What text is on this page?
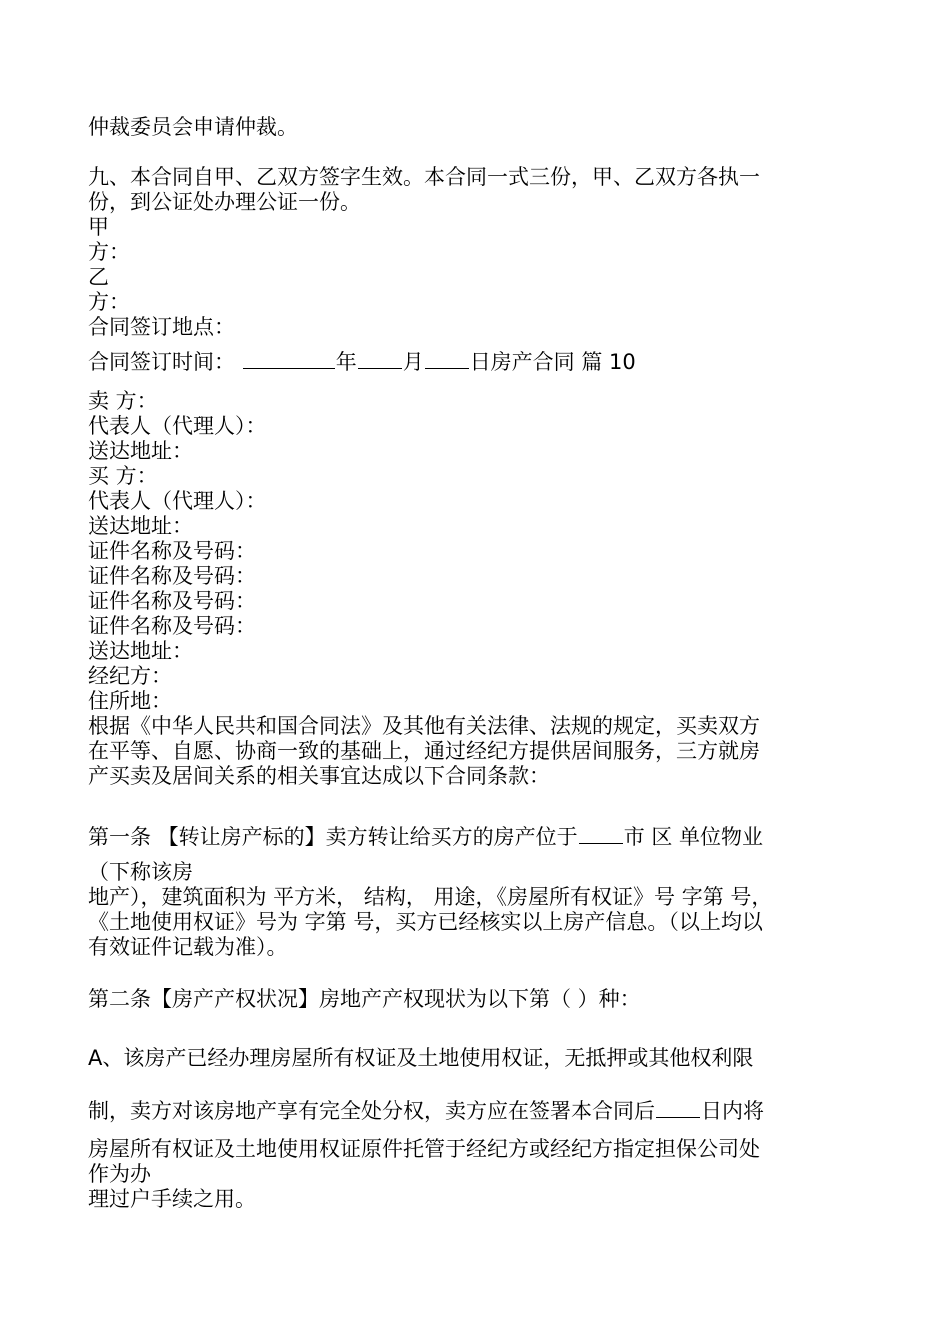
仲裁委员会申请仲裁。
九、本合同自甲、乙双方签字生效。本合同一式三份，甲、乙双方各执一
份，到公证处办理公证一份。
甲
方：
乙
方：
合同签订地点：
合同签订时间：	年 月 日房产合同 篇 10
卖 方：
代表人（代理人）：
送达地址：
买 方：
代表人（代理人）：
送达地址：
证件名称及号码：
证件名称及号码：
证件名称及号码：
证件名称及号码：
送达地址：
经纪方：
住所地：
根据《中华人民共和国合同法》及其他有关法律、法规的规定，买卖双方
在平等、自愿、协商一致的基础上，通过经纪方提供居间服务，三方就房
产买卖及居间关系的相关事宜达成以下合同条款：
第一条 【转让房产标的】卖方转让给买方的房产位于 市 区 单位物业
（下称该房
地产），建筑面积为 平方米， 结构， 用途，《房屋所有权证》号 字第 号，
《土地使用权证》号为 字第 号，买方已经核实以上房产信息。（以上均以
有效证件记载为准）。
第二条【房产产权状况】房地产产权现状为以下第（ ）种：
A、该房产已经办理房屋所有权证及土地使用权证，无抵押或其他权利限
制，卖方对该房地产享有完全处分权，卖方应在签署本合同后 日内将
房屋所有权证及土地使用权证原件托管于经纪方或经纪方指定担保公司处
作为办
理过户手续之用。
